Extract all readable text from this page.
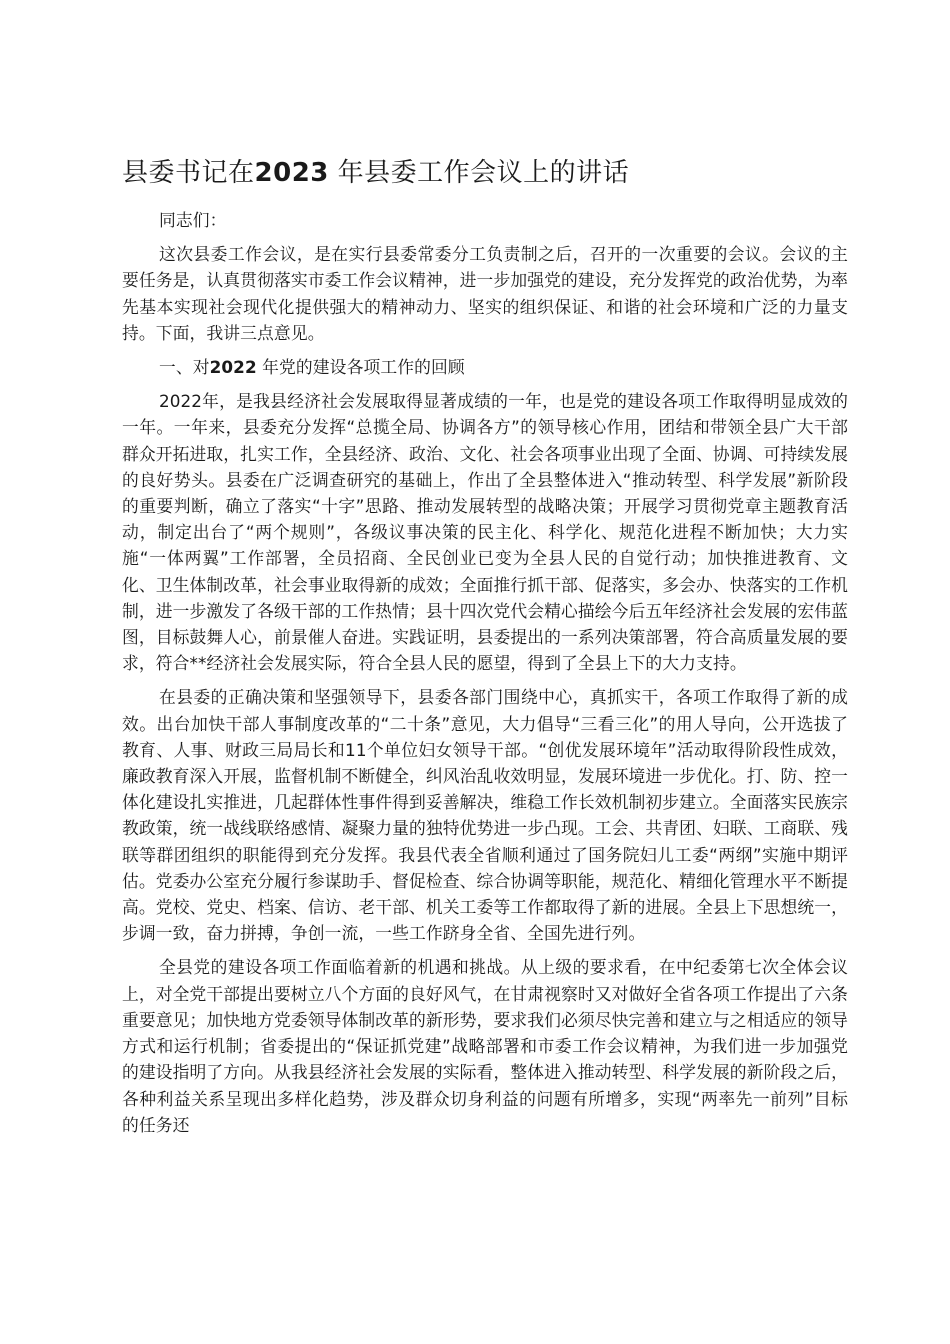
县委书记在2023 年县委工作会议上的讲话

同志们：

这次县委工作会议，是在实行县委常委分工负责制之后，召开的一次重要的会议。会议的主要任务是，认真贯彻落实市委工作会议精神，进一步加强党的建设，充分发挥党的政治优势，为率先基本实现社会现代化提供强大的精神动力、坚实的组织保证、和谐的社会环境和广泛的力量支持。下面，我讲三点意见。

一、对2022 年党的建设各项工作的回顾

2022年，是我县经济社会发展取得显著成绩的一年，也是党的建设各项工作取得明显成效的一年。一年来，县委充分发挥“总揽全局、协调各方”的领导核心作用，团结和带领全县广大干部群众开拓进取，扎实工作，全县经济、政治、文化、社会各项事业出现了全面、协调、可持续发展的良好势头。县委在广泛调查研究的基础上，作出了全县整体进入“推动转型、科学发展”新阶段的重要判断，确立了落实“十字”思路、推动发展转型的战略决策；开展学习贯彻党章主题教育活动，制定出台了“两个规则”，各级议事决策的民主化、科学化、规范化进程不断加快；大力实施“一体两翼”工作部署，全员招商、全民创业已变为全县人民的自觉行动；加快推进教育、文化、卫生体制改革，社会事业取得新的成效；全面推行抓干部、促落实，多会办、快落实的工作机制，进一步激发了各级干部的工作热情；县十四次党代会精心描绘今后五年经济社会发展的宏伟蓝图，目标鼓舞人心，前景催人奋进。实践证明，县委提出的一系列决策部署，符合高质量发展的要求，符合**经济社会发展实际，符合全县人民的愿望，得到了全县上下的大力支持。

在县委的正确决策和坚强领导下，县委各部门围绕中心，真抓实干，各项工作取得了新的成效。出台加快干部人事制度改革的“二十条”意见，大力倡导“三看三化”的用人导向，公开选拔了教育、人事、财政三局局长和11个单位妇女领导干部。“创优发展环境年”活动取得阶段性成效，廉政教育深入开展，监督机制不断健全，纠风治乱收效明显，发展环境进一步优化。打、防、控一体化建设扎实推进，几起群体性事件得到妥善解决，维稳工作长效机制初步建立。全面落实民族宗教政策，统一战线联络感情、凝聚力量的独特优势进一步凸现。工会、共青团、妇联、工商联、残联等群团组织的职能得到充分发挥。我县代表全省顺利通过了国务院妇儿工委“两纲”实施中期评估。党委办公室充分履行参谋助手、督促检查、综合协调等职能，规范化、精细化管理水平不断提高。党校、党史、档案、信访、老干部、机关工委等工作都取得了新的进展。全县上下思想统一，步调一致，奋力拼搏，争创一流，一些工作跻身全省、全国先进行列。

全县党的建设各项工作面临着新的机遇和挑战。从上级的要求看，在中纪委第七次全体会议上，对全党干部提出要树立八个方面的良好风气，在甘肃视察时又对做好全省各项工作提出了六条重要意见；加快地方党委领导体制改革的新形势，要求我们必须尽快完善和建立与之相适应的领导方式和运行机制；省委提出的“保证抓党建”战略部署和市委工作会议精神，为我们进一步加强党的建设指明了方向。从我县经济社会发展的实际看，整体进入推动转型、科学发展的新阶段之后，各种利益关系呈现出多样化趋势，涉及群众切身利益的问题有所增多，实现“两率先一前列”目标的任务还
